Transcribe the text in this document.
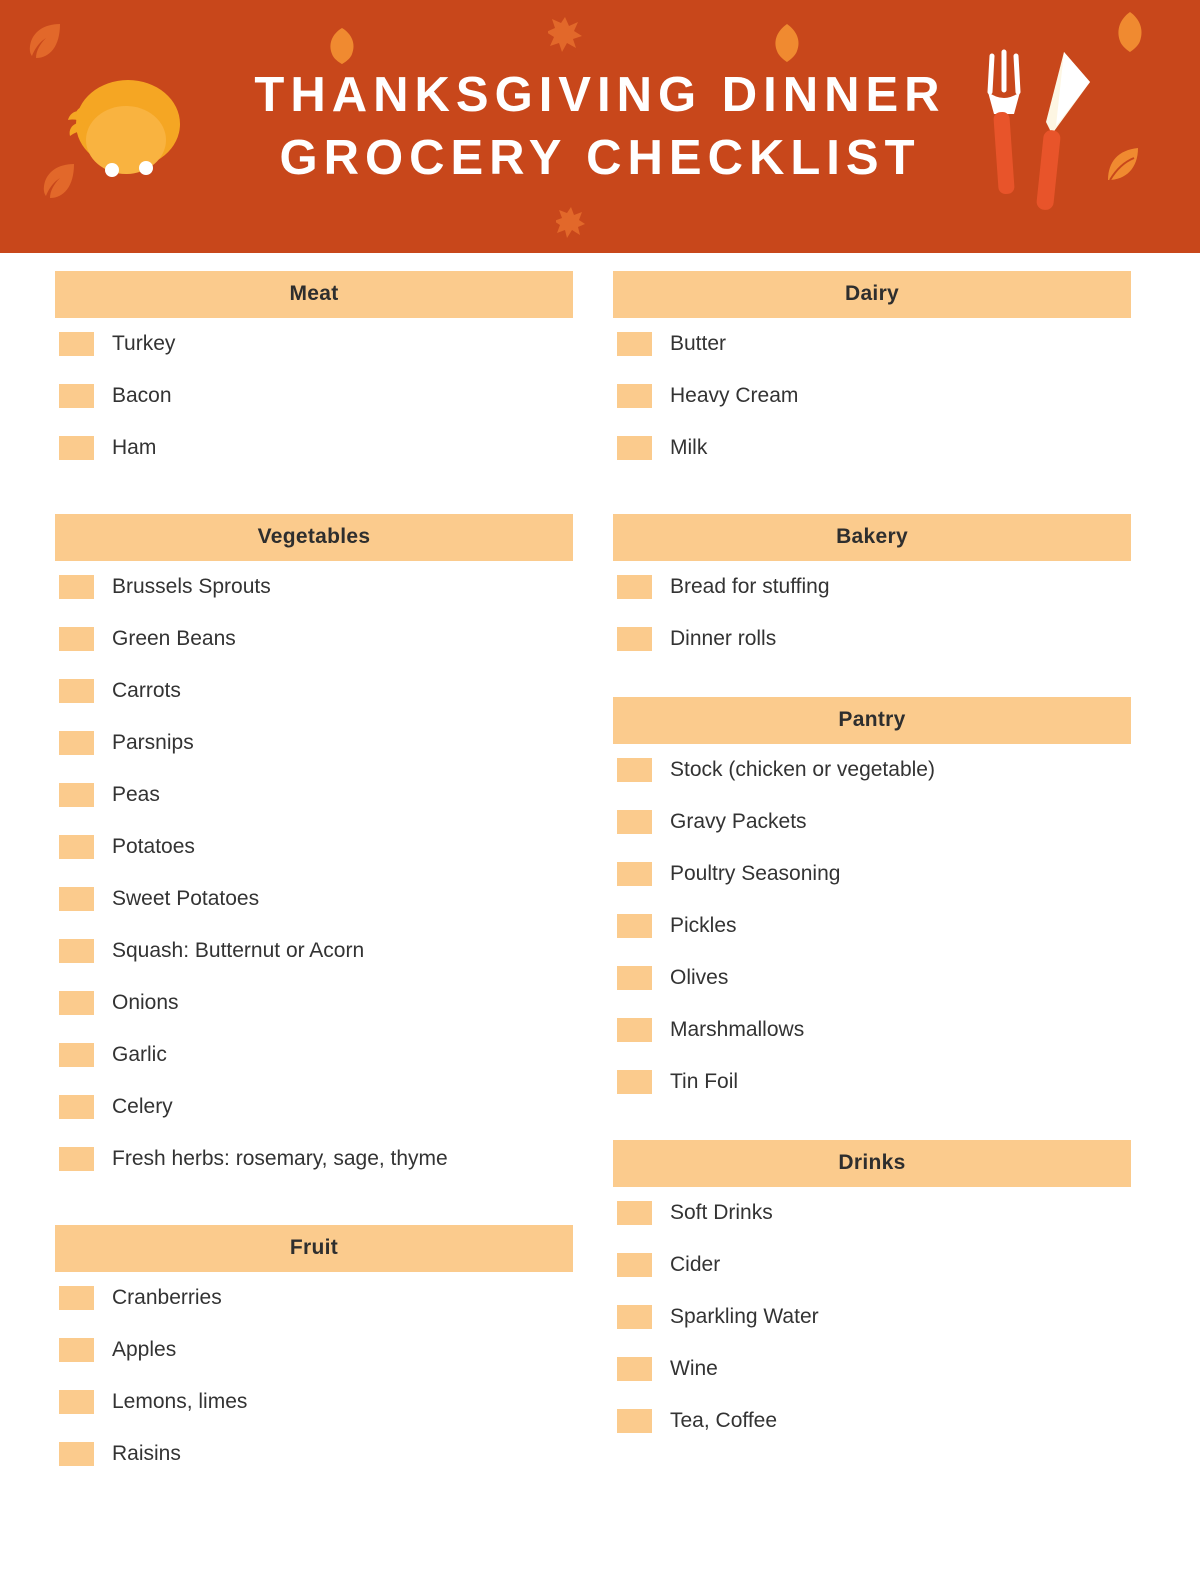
THANKSGIVING DINNER
GROCERY CHECKLIST
Meat
Turkey
Bacon
Ham
Vegetables
Brussels Sprouts
Green Beans
Carrots
Parsnips
Peas
Potatoes
Sweet Potatoes
Squash: Butternut or Acorn
Onions
Garlic
Celery
Fresh herbs: rosemary, sage, thyme
Fruit
Cranberries
Apples
Lemons, limes
Raisins
Dairy
Butter
Heavy Cream
Milk
Bakery
Bread for stuffing
Dinner rolls
Pantry
Stock (chicken or vegetable)
Gravy Packets
Poultry Seasoning
Pickles
Olives
Marshmallows
Tin Foil
Drinks
Soft Drinks
Cider
Sparkling Water
Wine
Tea, Coffee
